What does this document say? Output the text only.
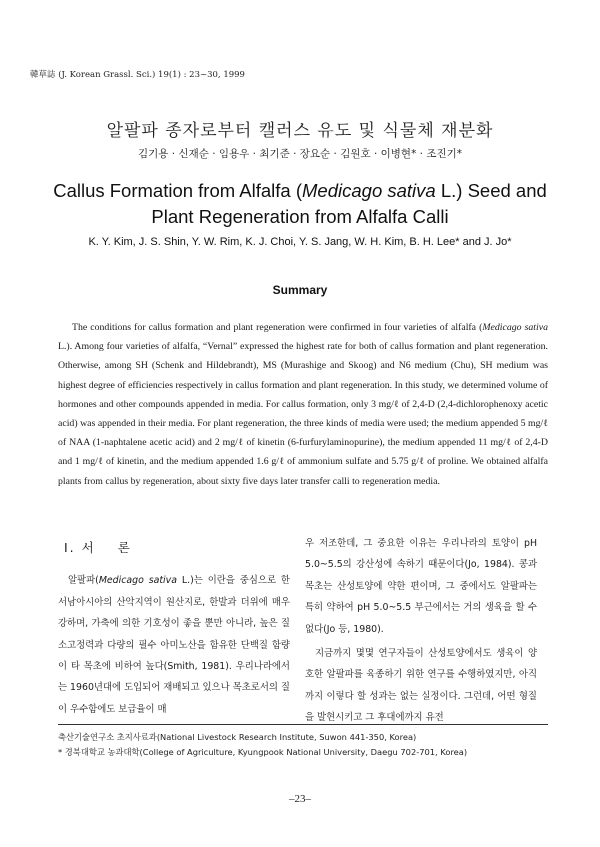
韓草誌 (J. Korean Grassl. Sci.) 19(1) : 23~30, 1999
알팔파 종자로부터 캘러스 유도 및 식물체 재분화
김기용 · 신재순 · 임용우 · 최기준 · 장요순 · 김원호 · 이병현* · 조진기*
Callus Formation from Alfalfa (Medicago sativa L.) Seed and
Plant Regeneration from Alfalfa Calli
K. Y. Kim, J. S. Shin, Y. W. Rim, K. J. Choi, Y. S. Jang, W. H. Kim, B. H. Lee* and J. Jo*
Summary

The conditions for callus formation and plant regeneration were confirmed in four varieties of alfalfa (Medicago sativa L.). Among four varieties of alfalfa, “Vernal” expressed the highest rate for both of callus formation and plant regeneration. Otherwise, among SH (Schenk and Hildebrandt), MS (Murashige and Skoog) and N6 medium (Chu), SH medium was highest degree of efficiencies respectively in callus formation and plant regeneration. In this study, we determined volume of hormones and other compounds appended in media. For callus formation, only 3 mg/ℓ of 2,4-D (2,4-dichlorophenoxy acetic acid) was appended in their media. For plant regeneration, the three kinds of media were used; the medium appended 5 mg/ℓ of NAA (1-naphtalene acetic acid) and 2 mg/ℓ of kinetin (6-furfurylaminopurine), the medium appended 11 mg/ℓ of 2,4-D and 1 mg/ℓ of kinetin, and the medium appended 1.6 g/ℓ of ammonium sulfate and 5.75 g/ℓ of proline. We obtained alfalfa plants from callus by regeneration, about sixty five days later transfer calli to regeneration media.

Ⅰ. 서 론

알팔파(Medicago sativa L.)는 이란을 중심으로 한 서남아시아의 산악지역이 원산지로, 한발과 더위에 매우 강하며, 가축에 의한 기호성이 좋을 뿐만 아니라, 높은 질소고정력과 다량의 필수 아미노산을 함유한 단백질 함량이 타 목초에 비하여 높다(Smith, 1981). 우리나라에서는 1960년대에 도입되어 재배되고 있으나 목초로서의 질이 우수함에도 보급율이 매

우 저조한데, 그 중요한 이유는 우리나라의 토양이 pH 5.0~5.5의 강산성에 속하기 때문이다(Jo, 1984). 콩과목초는 산성토양에 약한 편이며, 그 중에서도 알팔파는 특히 약하여 pH 5.0~5.5 부근에서는 거의 생육을 할 수 없다(Jo 등, 1980).

지금까지 몇몇 연구자들이 산성토양에서도 생육이 양호한 알팔파를 육종하기 위한 연구를 수행하였지만, 아직까지 이렇다 할 성과는 없는 실정이다. 그런데, 어떤 형질을 발현시키고 그 후대에까지 유전

축산기술연구소 초지사료과(National Livestock Research Institute, Suwon 441-350, Korea)
* 경북대학교 농과대학(College of Agriculture, Kyungpook National University, Daegu 702-701, Korea)
–23–
